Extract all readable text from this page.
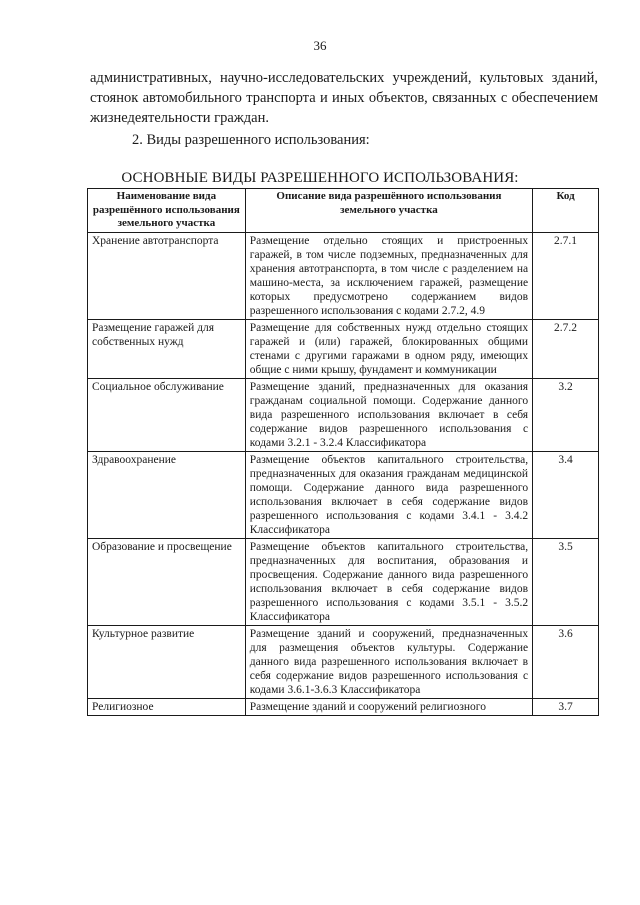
36

административных, научно-исследовательских учреждений, культовых зданий, стоянок автомобильного транспорта и иных объектов, связанных с обеспечением жизнедеятельности граждан.

2. Виды разрешенного использования:
ОСНОВНЫЕ ВИДЫ РАЗРЕШЕННОГО ИСПОЛЬЗОВАНИЯ:
Наименование вида разрешённого использования земельного участка	Описание вида разрешённого использования земельного участка	Код
Хранение автотранспорта	Размещение отдельно стоящих и пристроенных гаражей, в том числе подземных, предназначенных для хранения автотранспорта, в том числе с разделением на машино-места, за исключением гаражей, размещение которых предусмотрено содержанием видов разрешенного использования с кодами 2.7.2, 4.9	2.7.1
Размещение гаражей для собственных нужд	Размещение для собственных нужд отдельно стоящих гаражей и (или) гаражей, блокированных общими стенами с другими гаражами в одном ряду, имеющих общие с ними крышу, фундамент и коммуникации	2.7.2
Социальное обслуживание	Размещение зданий, предназначенных для оказания гражданам социальной помощи. Содержание данного вида разрешенного использования включает в себя содержание видов разрешенного использования с кодами 3.2.1 - 3.2.4 Классификатора	3.2
Здравоохранение	Размещение объектов капитального строительства, предназначенных для оказания гражданам медицинской помощи. Содержание данного вида разрешенного использования включает в себя содержание видов разрешенного использования с кодами 3.4.1 - 3.4.2 Классификатора	3.4
Образование и просвещение	Размещение объектов капитального строительства, предназначенных для воспитания, образования и просвещения. Содержание данного вида разрешенного использования включает в себя содержание видов разрешенного использования с кодами 3.5.1 - 3.5.2 Классификатора	3.5
Культурное развитие	Размещение зданий и сооружений, предназначенных для размещения объектов культуры. Содержание данного вида разрешенного использования включает в себя содержание видов разрешенного использования с кодами 3.6.1-3.6.3 Классификатора	3.6
Религиозное	Размещение зданий и сооружений религиозного	3.7
